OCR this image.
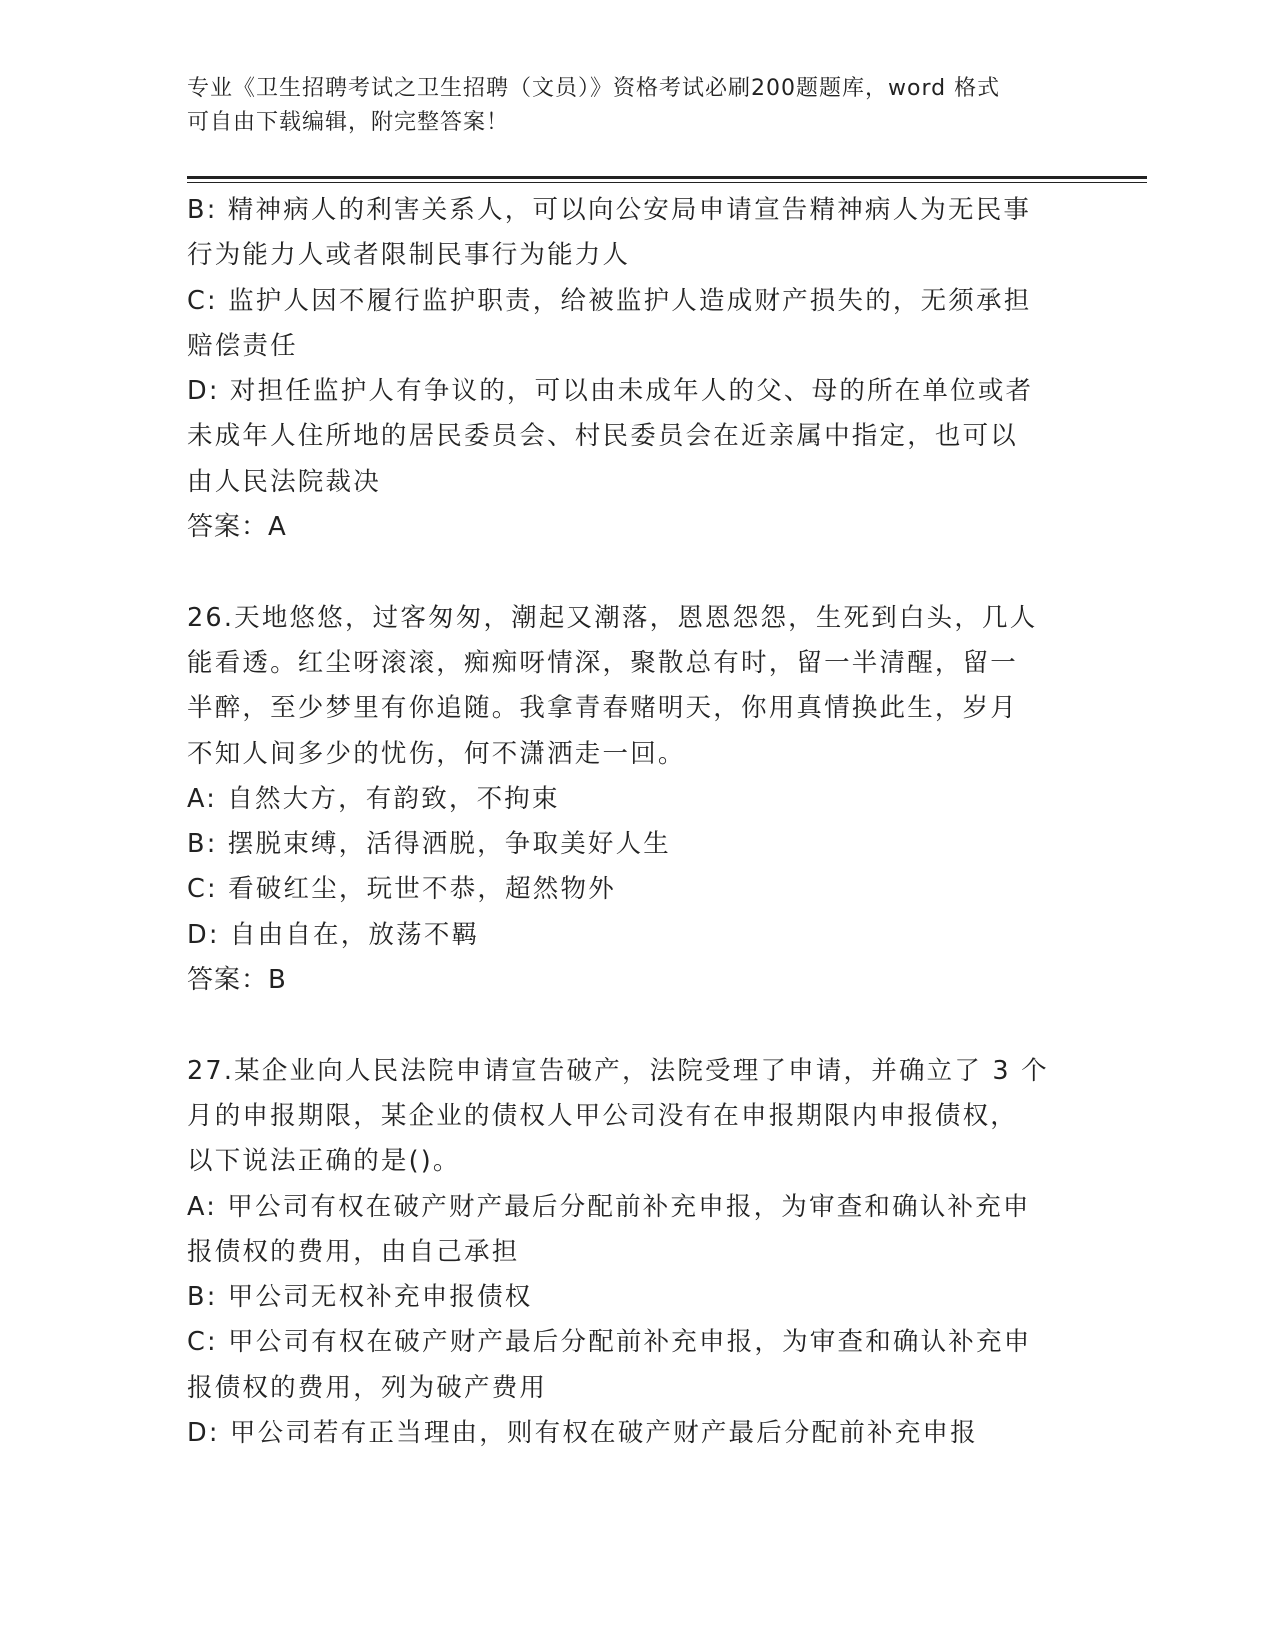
专业《卫生招聘考试之卫生招聘（文员）》资格考试必刷200题题库，word 格式
可自由下载编辑，附完整答案！
B: 精神病人的利害关系人，可以向公安局申请宣告精神病人为无民事
行为能力人或者限制民事行为能力人
C: 监护人因不履行监护职责，给被监护人造成财产损失的，无须承担
赔偿责任
D: 对担任监护人有争议的，可以由未成年人的父、母的所在单位或者
未成年人住所地的居民委员会、村民委员会在近亲属中指定，也可以
由人民法院裁决
答案：A
26.天地悠悠，过客匆匆，潮起又潮落，恩恩怨怨，生死到白头，几人
能看透。红尘呀滚滚，痴痴呀情深，聚散总有时，留一半清醒，留一
半醉，至少梦里有你追随。我拿青春赌明天，你用真情换此生，岁月
不知人间多少的忧伤，何不潇洒走一回。
A: 自然大方，有韵致，不拘束
B: 摆脱束缚，活得洒脱，争取美好人生
C: 看破红尘，玩世不恭，超然物外
D: 自由自在，放荡不羁
答案：B
27.某企业向人民法院申请宣告破产，法院受理了申请，并确立了 3 个
月的申报期限，某企业的债权人甲公司没有在申报期限内申报债权，
以下说法正确的是()。
A: 甲公司有权在破产财产最后分配前补充申报，为审查和确认补充申
报债权的费用，由自己承担
B: 甲公司无权补充申报债权
C: 甲公司有权在破产财产最后分配前补充申报，为审查和确认补充申
报债权的费用，列为破产费用
D: 甲公司若有正当理由，则有权在破产财产最后分配前补充申报
